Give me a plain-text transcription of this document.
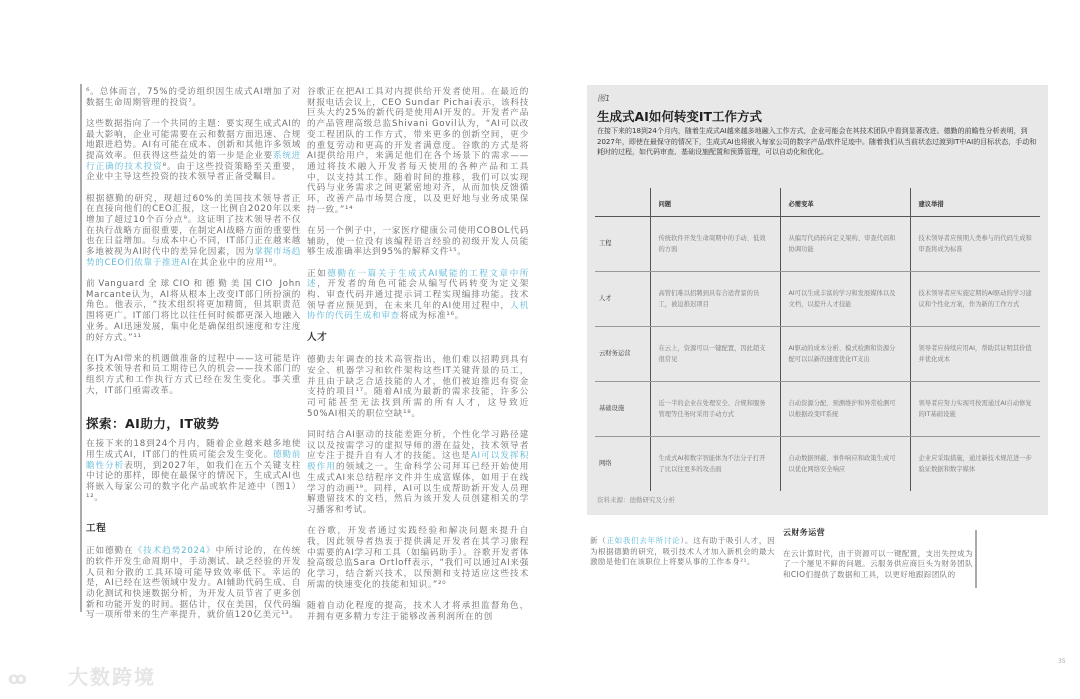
⁶。总体而言，75%的受访组织因生成式AI增加了对数据生命周期管理的投资⁷。

这些数据指向了一个共同的主题：要实现生成式AI的最大影响，企业可能需要在云和数据方面迅速、合规地跟进趋势。AI有可能在成本、创新和其他许多领域提高效率。但获得这些益处的第一步是企业要系统进行正确的技术投资⁸。由于这些投资策略至关重要，企业中主导这些投资的技术领导者正备受瞩目。

根据德勤的研究，现超过60%的美国技术领导者正在直接向他们的CEO汇报，这一比例自2020年以来增加了超过10个百分点⁹。这证明了技术领导者不仅在执行战略方面很重要，在制定AI战略方面的重要性也在日益增加。与成本中心不同，IT部门正在越来越多地被视为AI时代中的差异化因素，因为掌握市场趋势的CEO们依靠于推进AI在其企业中的应用¹⁰。

前Vanguard全球CIO和德勤美国CIO John Marcante认为，AI将从根本上改变IT部门所扮演的角色。他表示，“技术组织将更加精简，但其职责范围将更广。IT部门将比以往任何时候都更深入地融入业务。AI迅速发展，集中化是确保组织速度和专注度的好方式。”¹¹

在IT为AI带来的机遇做准备的过程中——这可能是许多技术领导者和员工期待已久的机会——技术部门的组织方式和工作执行方式已经在发生变化。事关重大，IT部门亟需改革。

探索：AI助力，IT破势

在接下来的18到24个月内，随着企业越来越多地使用生成式AI，IT部门的性质可能会发生变化。德勤前瞻性分析表明，到2027年，如我们在五个关键支柱中讨论的那样，即使在最保守的情况下，生成式AI也将嵌入每家公司的数字化产品或软件足迹中（图1）¹²。

工程

正如德勤在《技术趋势2024》中所讨论的，在传统的软件开发生命周期中，手动测试、缺乏经验的开发人员和分散的工具环境可能导致效率低下。幸运的是，AI已经在这些领域中发力。AI辅助代码生成、自动化测试和快速数据分析，为开发人员节省了更多创新和功能开发的时间。据估计，仅在美国，仅代码编写一项所带来的生产率提升，就价值120亿美元¹³。

谷歌正在把AI工具对内提供给开发者使用。在最近的财报电话会议上，CEO Sundar Pichai表示，该科技巨头大约25%的新代码是使用AI开发的。开发者产品的产品管理高级总监Shivani Govil认为，“AI可以改变工程团队的工作方式，带来更多的创新空间，更少的重复劳动和更高的开发者满意度。谷歌的方式是将AI提供给用户，来满足他们在各个场景下的需求——通过将技术融入开发者每天使用的各种产品和工具中，以支持其工作。随着时间的推移，我们可以实现代码与业务需求之间更紧密地对齐，从而加快反馈循环，改善产品市场契合度，以及更好地与业务成果保持一致。”¹⁴

在另一个例子中，一家医疗健康公司使用COBOL代码辅助，使一位没有该编程语言经验的初级开发人员能够生成准确率达到95%的解释文件¹⁵。

正如德勤在一篇关于生成式AI赋能的工程文章中所述，开发者的角色可能会从编写代码转变为定义架构、审查代码并通过提示词工程实现编排功能。技术领导者应预见到，在未来几年的AI使用过程中，人机协作的代码生成和审查将成为标准¹⁶。

人才

德勤去年调查的技术高管指出，他们难以招聘到具有安全、机器学习和软件架构这些IT关键背景的员工，并且由于缺乏合适技能的人才，他们被迫推迟有资金支持的项目¹⁷。随着AI成为最新的需求技能，许多公司可能甚至无法找到所需的所有人才，这导致近50%AI相关的职位空缺¹⁸。

同时结合AI驱动的技能差距分析，个性化学习路径建议以及按需学习的虚拟导师的潜在益处，技术领导者应专注于提升自有人才的技能。这也是AI可以发挥积极作用的领域之一。生命科学公司拜耳已经开始使用生成式AI来总结程序文件并生成富媒体，如用于在线学习的动画¹⁹。同样，AI可以生成帮助新开发人员理解遗留技术的文档，然后为该开发人员创建相关的学习播客和考试。

在谷歌，开发者通过实践经验和解决问题来提升自我，因此领导者热衷于提供满足开发者在其学习旅程中需要的AI学习和工具（如编码助手）。谷歌开发者体验高级总监Sara Ortloff表示，“我们可以通过AI来强化学习，结合新兴技术，以预测和支持适应这些技术所需的快速变化的技能和知识。”²⁰

随着自动化程度的提高，技术人才将承担监督角色，并拥有更多精力专注于能够改善利润所在的创

图1
生成式AI如何转变IT工作方式
在接下来的18到24个月内，随着生成式AI越来越多地融入工作方式，企业可能会在其技术团队中看到显著改进。德勤的前瞻性分析表明，到2027年，即使在最保守的情况下，生成式AI也将嵌入每家公司的数字产品/软件足迹中。随着我们从当前状态过渡到IT中AI的目标状态，手动和耗时的过程，如代码审查、基础设施配置和预算管理，可以自动化和优化。
	问题	必需变革	建议举措
工程	传统软件开发生命周期中的手动、低效的方面	从编写代码转向定义架构、审查代码和协调功能	技术领导者应预期人类参与的代码生成和审查将成为标准
人才	高管们难以招聘到具有合适背景的员工，被迫推迟项目	AI可以生成丰富的学习和发展媒体以及文档，以提升人才技能	技术领导者应实施定期的AI驱动的学习建议和个性化方案，作为新的工作方式
云财务运营	在云上，资源可以一键配置，因此超支很常见	AI驱动的成本分析、模式检测和资源分配可以以新的速度优化IT支出	领导者应持续应用AI，帮助其证明其价值并优化成本
基础设施	近一半的企业在处理安全、合规和服务管理等任务时采用手动方式	自动资源分配、预测维护和异常检测可以根据改变IT系统	领导者应努力实现可按需通过AI自动修复的IT基础设施
网络	生成式AI和数字智能体为不法分子打开了比以往更多的攻击面	自动数据屏蔽、事件响应和政策生成可以优化网络安全响应	企业应采取措施，通过新技术规范进一步验证数据和数字媒体
资料来源：德勤研究及分析

新（正如我们去年所讨论）。这有助于吸引人才，因为根据德勤的研究，吸引技术人才加入新机会的最大激励是他们在该职位上将要从事的工作本身²¹。

云财务运营

在云计算时代，由于资源可以一键配置，支出失控成为了一个屡见不鲜的问题。云服务供应商巨头为财务团队和CIO们提供了数据和工具，以更好地跟踪团队的

35
ꝏ 大数跨境
